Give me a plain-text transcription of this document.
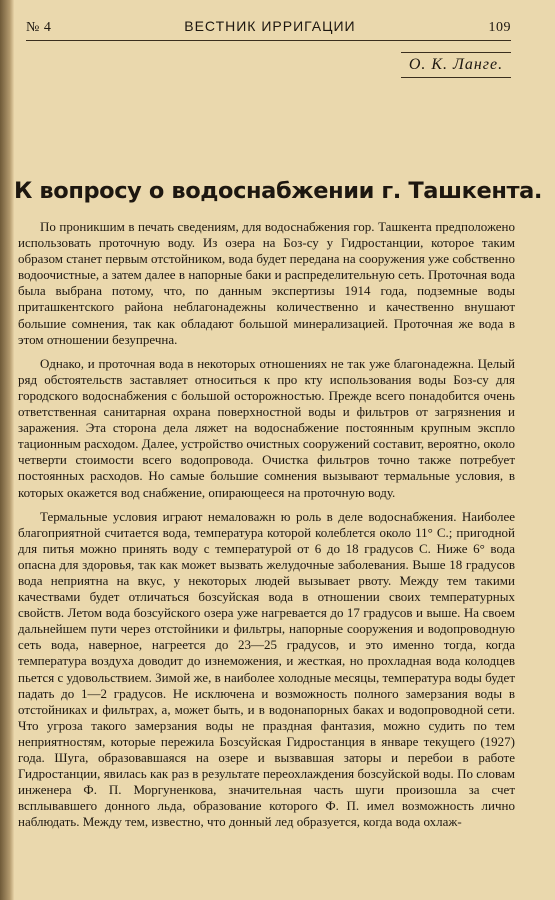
№ 4	ВЕСТНИК ИРРИГАЦИИ	109
О. К. Ланге.
К вопросу о водоснабжении г. Ташкента.

По проникшим в печать сведениям, для водоснабжения гор. Ташкента предположено использовать проточную воду. Из озера на Боз-су у Гидростанции, которое таким образом станет первым отстойником, вода будет передана на сооружения уже собственно водоочистные, а затем далее в напорные баки и распределительную сеть. Проточная вода была выбрана потому, что, по данным экспертизы 1914 года, подземные воды приташкентского района неблагонадежны количественно и качественно внушают большие сомнения, так как обладают большой минерализацией. Проточная же вода в этом отношении безупречна.

Однако, и проточная вода в некоторых отношениях не так уже благонадежна. Целый ряд обстоятельств заставляет относиться к про кту использования воды Боз-су для городского водоснабжения с большой осторожностью. Прежде всего понадобится очень ответственная санитарная охрана поверхностной воды и фильтров от загрязнения и заражения. Эта сторона дела ляжет на водоснабжение постоянным крупным экспло тационным расходом. Далее, устройство очистных сооружений составит, вероятно, около четверти стоимости всего водопровода. Очистка фильтров точно также потребует постоянных расходов. Но самые большие сомнения вызывают термальные условия, в которых окажется вод снабжение, опирающееся на проточную воду.

Термальные условия играют немаловажн ю роль в деле водоснабжения. Наиболее благоприятной считается вода, температура которой колеблется около 11° С.; пригодной для питья можно принять воду с температурой от 6 до 18 градусов С. Ниже 6° вода опасна для здоровья, так как может вызвать желудочные заболевания. Выше 18 градусов вода неприятна на вкус, у некоторых людей вызывает рвоту. Между тем такими качествами будет отличаться бозсуйская вода в отношении своих температурных свойств. Летом вода бозсуйского озера уже нагревается до 17 градусов и выше. На своем дальнейшем пути через отстойники и фильтры, напорные сооружения и водопроводную сеть вода, наверное, нагреется до 23—25 градусов, и это именно тогда, когда температура воздуха доводит до изнеможения, и жесткая, но прохладная вода колодцев пьется с удовольствием. Зимой же, в наиболее холодные месяцы, температура воды будет падать до 1—2 градусов. Не исключена и возможность полного замерзания воды в отстойниках и фильтрах, а, может быть, и в водонапорных баках и водопроводной сети. Что угроза такого замерзания воды не праздная фантазия, можно судить по тем неприятностям, которые пережила Бозсуйская Гидростанция в январе текущего (1927) года. Шуга, образовавшаяся на озере и вызвавшая заторы и перебои в работе Гидростанции, явилась как раз в результате переохлаждения бозсуйской воды. По словам инженера Ф. П. Моргуненкова, значительная часть шуги произошла за счет всплывавшего донного льда, образование которого Ф. П. имел возможность лично наблюдать. Между тем, известно, что донный лед образуется, когда вода охлаж-
